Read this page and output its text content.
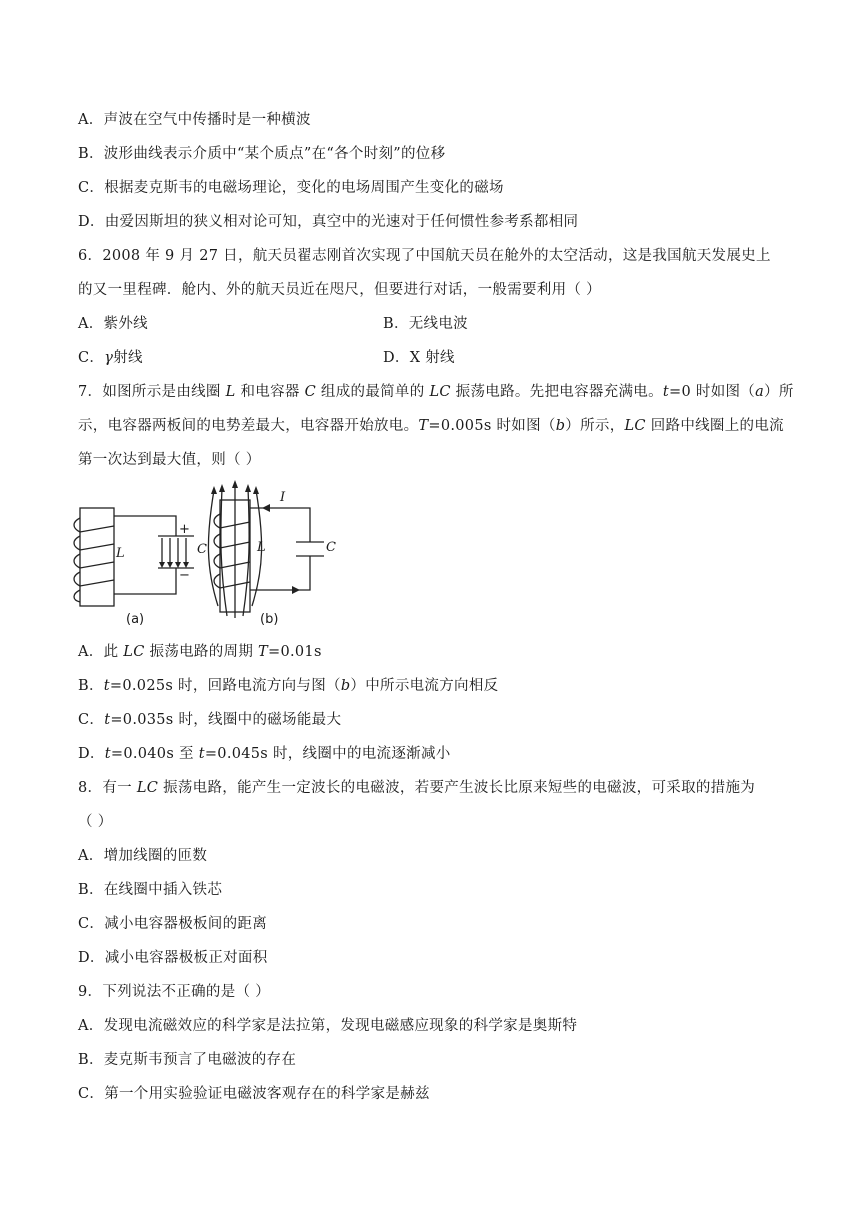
A．声波在空气中传播时是一种横波
B．波形曲线表示介质中“某个质点”在“各个时刻”的位移
C．根据麦克斯韦的电磁场理论，变化的电场周围产生变化的磁场
D．由爱因斯坦的狭义相对论可知，真空中的光速对于任何惯性参考系都相同
6．2008 年 9 月 27 日，航天员翟志刚首次实现了中国航天员在舱外的太空活动，这是我国航天发展史上
的又一里程碑．舱内、外的航天员近在咫尺，但要进行对话，一般需要利用（ ）
A．紫外线	B．无线电波
C．γ射线	D．X 射线
7．如图所示是由线圈 L 和电容器 C 组成的最简单的 LC 振荡电路。先把电容器充满电。t=0 时如图（a）所
示，电容器两板间的电势差最大，电容器开始放电。T=0.005s 时如图（b）所示，LC 回路中线圈上的电流
第一次达到最大值，则（ ）
L	C
+
−
L	C
I
(a)	(b)
A．此 LC 振荡电路的周期 T=0.01s
B．t=0.025s 时，回路电流方向与图（b）中所示电流方向相反
C．t=0.035s 时，线圈中的磁场能最大
D．t=0.040s 至 t=0.045s 时，线圈中的电流逐渐减小
8．有一 LC 振荡电路，能产生一定波长的电磁波，若要产生波长比原来短些的电磁波，可采取的措施为
（ ）
A．增加线圈的匝数
B．在线圈中插入铁芯
C．减小电容器极板间的距离
D．减小电容器极板正对面积
9．下列说法不正确的是（ ）
A．发现电流磁效应的科学家是法拉第，发现电磁感应现象的科学家是奥斯特
B．麦克斯韦预言了电磁波的存在
C．第一个用实验验证电磁波客观存在的科学家是赫兹
